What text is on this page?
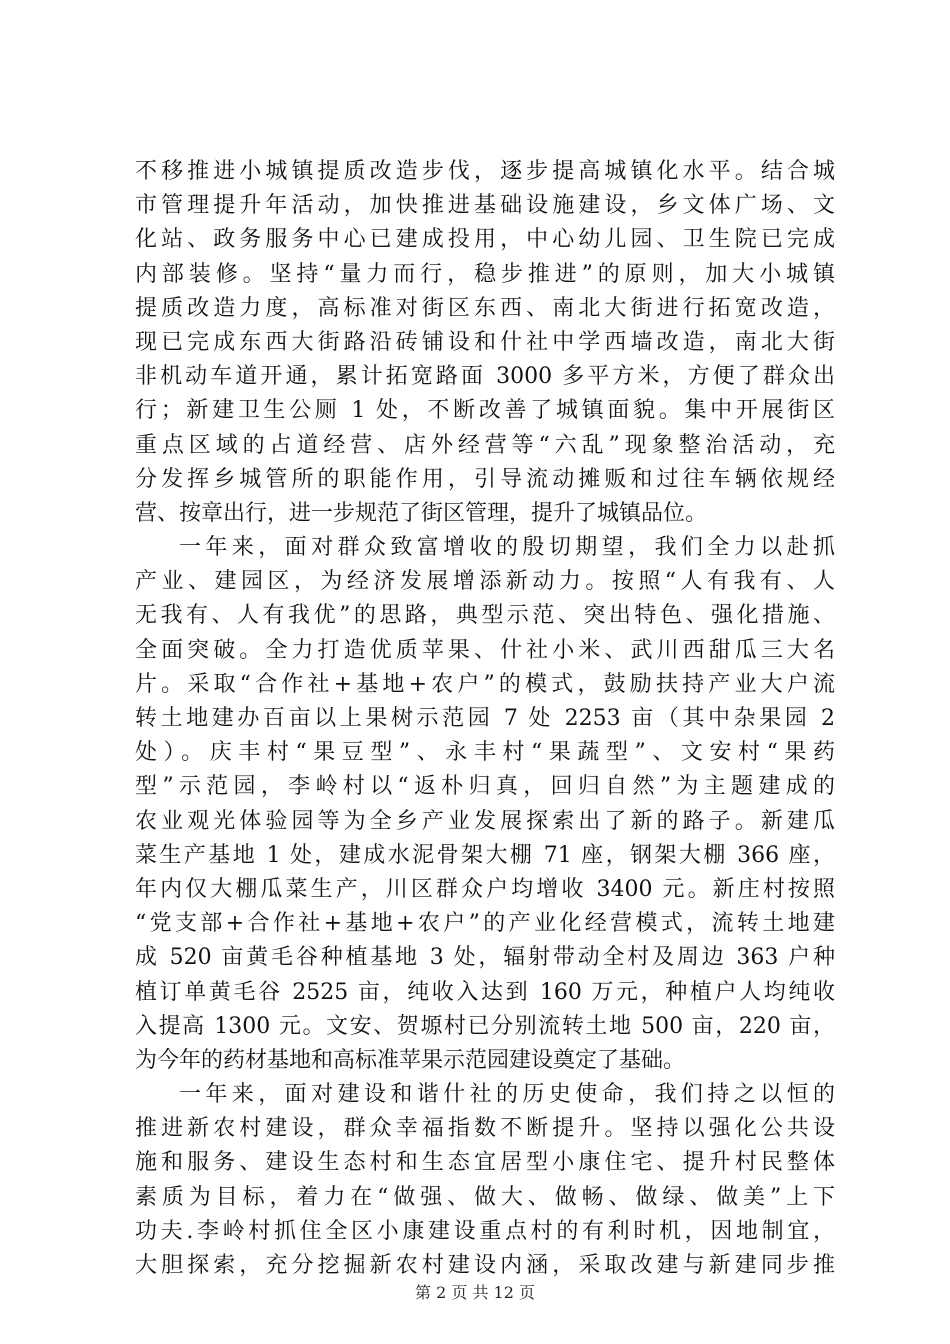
不移推进小城镇提质改造步伐，逐步提高城镇化水平。结合城
市管理提升年活动，加快推进基础设施建设，乡文体广场、文
化站、政务服务中心已建成投用，中心幼儿园、卫生院已完成
内部装修。坚持“量力而行，稳步推进”的原则，加大小城镇
提质改造力度，高标准对街区东西、南北大街进行拓宽改造，
现已完成东西大街路沿砖铺设和什社中学西墙改造，南北大街
非机动车道开通，累计拓宽路面 3000 多平方米，方便了群众出
行；新建卫生公厕 1 处，不断改善了城镇面貌。集中开展街区
重点区域的占道经营、店外经营等“六乱”现象整治活动，充
分发挥乡城管所的职能作用，引导流动摊贩和过往车辆依规经
营、按章出行，进一步规范了街区管理，提升了城镇品位。
一年来，面对群众致富增收的殷切期望，我们全力以赴抓
产业、建园区，为经济发展增添新动力。按照“人有我有、人
无我有、人有我优”的思路，典型示范、突出特色、强化措施、
全面突破。全力打造优质苹果、什社小米、武川西甜瓜三大名
片。采取“合作社+基地+农户”的模式，鼓励扶持产业大户流
转土地建办百亩以上果树示范园 7 处 2253 亩（其中杂果园 2
处）。庆丰村“果豆型”、永丰村“果蔬型”、文安村“果药
型”示范园，李岭村以“返朴归真，回归自然”为主题建成的
农业观光体验园等为全乡产业发展探索出了新的路子。新建瓜
菜生产基地 1 处，建成水泥骨架大棚 71 座，钢架大棚 366 座，
年内仅大棚瓜菜生产，川区群众户均增收 3400 元。新庄村按照
“党支部+合作社+基地+农户”的产业化经营模式，流转土地建
成 520 亩黄毛谷种植基地 3 处，辐射带动全村及周边 363 户种
植订单黄毛谷 2525 亩，纯收入达到 160 万元，种植户人均纯收
入提高 1300 元。文安、贺塬村已分别流转土地 500 亩，220 亩，
为今年的药材基地和高标准苹果示范园建设奠定了基础。
一年来，面对建设和谐什社的历史使命，我们持之以恒的
推进新农村建设，群众幸福指数不断提升。坚持以强化公共设
施和服务、建设生态村和生态宜居型小康住宅、提升村民整体
素质为目标，着力在“做强、做大、做畅、做绿、做美”上下
功夫.李岭村抓住全区小康建设重点村的有利时机，因地制宜，
大胆探索，充分挖掘新农村建设内涵，采取改建与新建同步推
第 2 页 共 12 页
